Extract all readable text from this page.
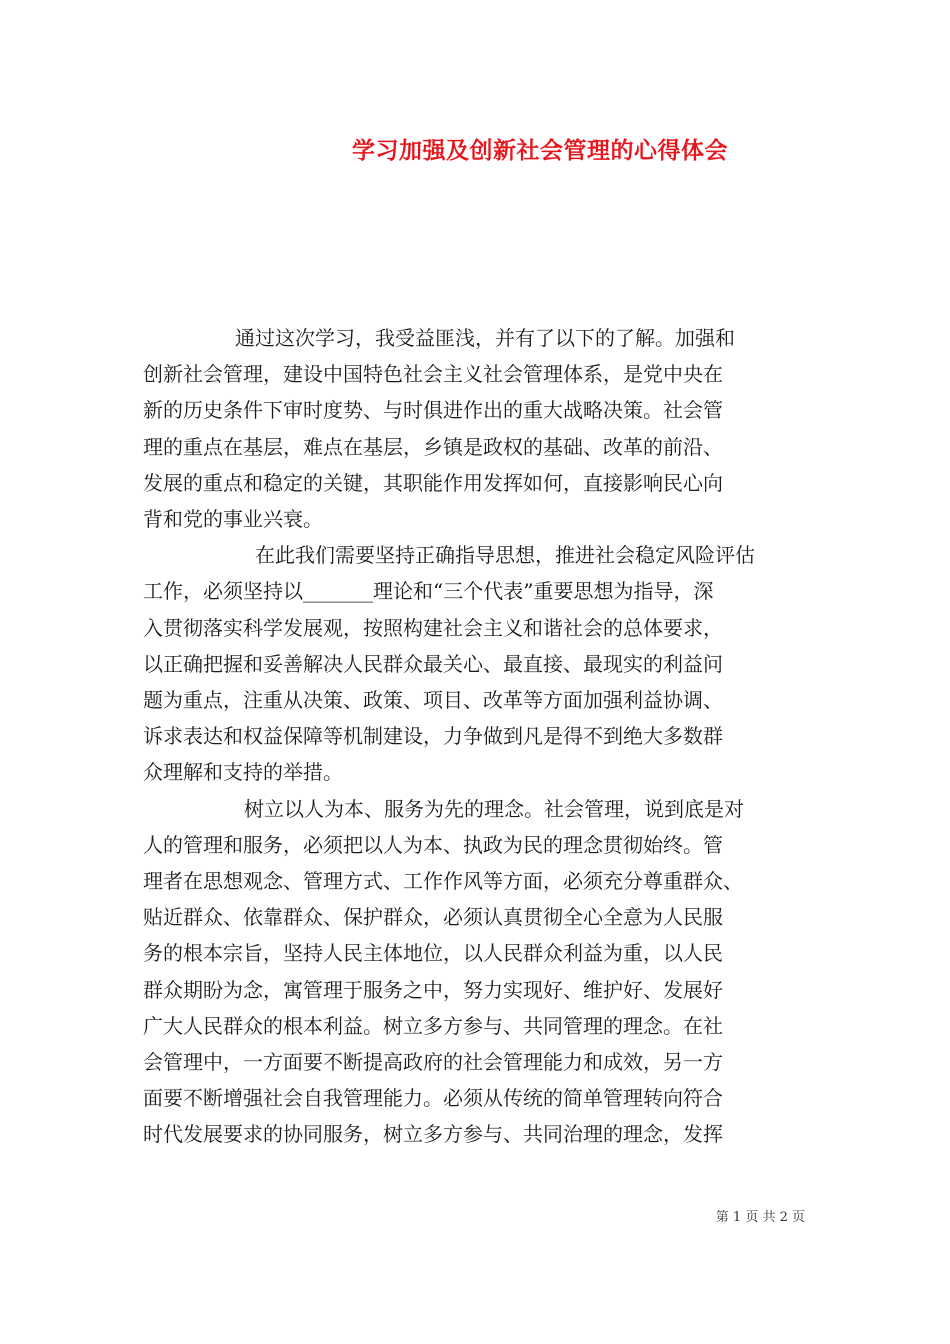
学习加强及创新社会管理的心得体会

通过这次学习，我受益匪浅，并有了以下的了解。加强和
创新社会管理，建设中国特色社会主义社会管理体系，是党中央在
新的历史条件下审时度势、与时俱进作出的重大战略决策。社会管
理的重点在基层，难点在基层，乡镇是政权的基础、改革的前沿、
发展的重点和稳定的关键，其职能作用发挥如何，直接影响民心向
背和党的事业兴衰。

在此我们需要坚持正确指导思想，推进社会稳定风险评估
工作，必须坚持以_______理论和“三个代表”重要思想为指导，深
入贯彻落实科学发展观，按照构建社会主义和谐社会的总体要求，
以正确把握和妥善解决人民群众最关心、最直接、最现实的利益问
题为重点，注重从决策、政策、项目、改革等方面加强利益协调、
诉求表达和权益保障等机制建设，力争做到凡是得不到绝大多数群
众理解和支持的举措。

树立以人为本、服务为先的理念。社会管理，说到底是对
人的管理和服务，必须把以人为本、执政为民的理念贯彻始终。管
理者在思想观念、管理方式、工作作风等方面，必须充分尊重群众、
贴近群众、依靠群众、保护群众，必须认真贯彻全心全意为人民服
务的根本宗旨，坚持人民主体地位，以人民群众利益为重，以人民
群众期盼为念，寓管理于服务之中，努力实现好、维护好、发展好
广大人民群众的根本利益。树立多方参与、共同管理的理念。在社
会管理中，一方面要不断提高政府的社会管理能力和成效，另一方
面要不断增强社会自我管理能力。必须从传统的简单管理转向符合
时代发展要求的协同服务，树立多方参与、共同治理的理念，发挥

第 1 页 共 2 页
